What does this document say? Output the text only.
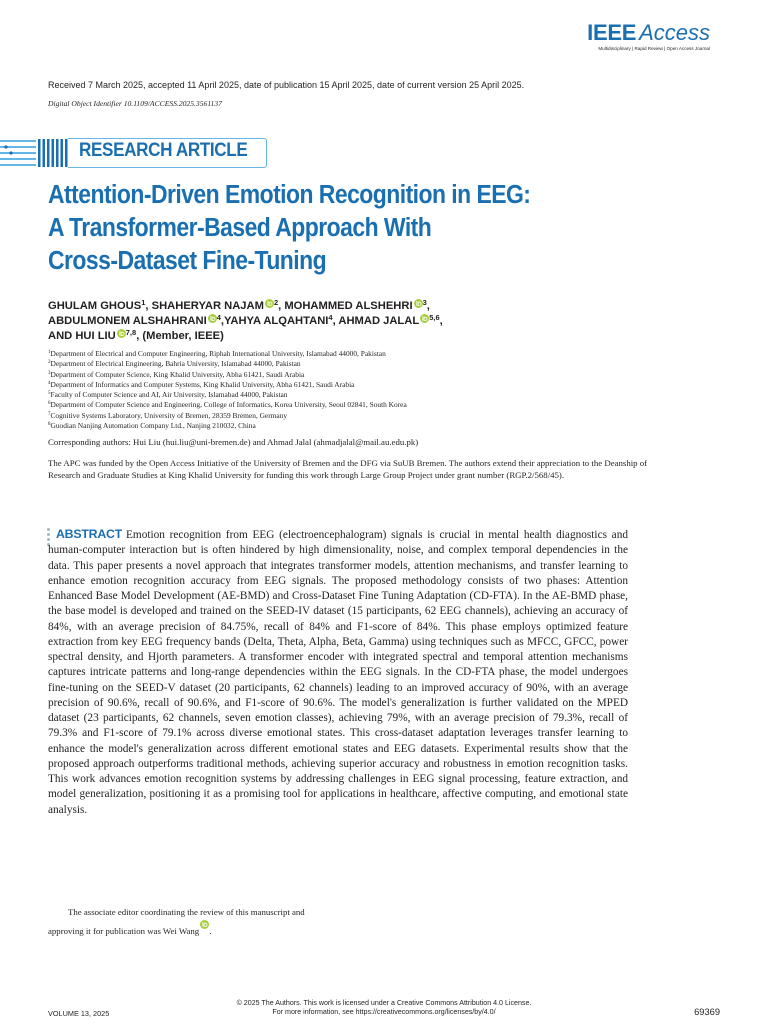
IEEE Access
Multidisciplinary | Rapid Review | Open Access Journal
Received 7 March 2025, accepted 11 April 2025, date of publication 15 April 2025, date of current version 25 April 2025.
Digital Object Identifier 10.1109/ACCESS.2025.3561137
RESEARCH ARTICLE
Attention-Driven Emotion Recognition in EEG:
A Transformer-Based Approach With
Cross-Dataset Fine-Tuning
GHULAM GHOUS$^1$, SHAHERYAR NAJAM $^2$, MOHAMMED ALSHEHRI $^3$,
ABDULMONEM ALSHAHRANI $^4$,YAHYA ALQAHTANI$^4$, AHMAD JALAL $^{5,6}$,
AND HUI LIU $^{7,8}$, (Member, IEEE)
$^1$Department of Electrical and Computer Engineering, Riphah International University, Islamabad 44000, Pakistan
$^2$Department of Electrical Engineering, Bahria University, Islamabad 44000, Pakistan
$^3$Department of Computer Science, King Khalid University, Abha 61421, Saudi Arabia
$^4$Department of Informatics and Computer Systems, King Khalid University, Abha 61421, Saudi Arabia
$^5$Faculty of Computer Science and AI, Air University, Islamabad 44000, Pakistan
$^6$Department of Computer Science and Engineering, College of Informatics, Korea University, Seoul 02841, South Korea
$^7$Cognitive Systems Laboratory, University of Bremen, 28359 Bremen, Germany
$^8$Guodian Nanjing Automation Company Ltd., Nanjing 210032, China
Corresponding authors: Hui Liu (hui.liu@uni-bremen.de) and Ahmad Jalal (ahmadjalal@mail.au.edu.pk)
The APC was funded by the Open Access Initiative of the University of Bremen and the DFG via SuUB Bremen. The authors extend their appreciation to the Deanship of Research and Graduate Studies at King Khalid University for funding this work through Large Group Project under grant number (RGP.2/568/45).
ABSTRACT Emotion recognition from EEG (electroencephalogram) signals is crucial in mental health diagnostics and human-computer interaction but is often hindered by high dimensionality, noise, and complex temporal dependencies in the data. This paper presents a novel approach that integrates transformer models, attention mechanisms, and transfer learning to enhance emotion recognition accuracy from EEG signals. The proposed methodology consists of two phases: Attention Enhanced Base Model Development (AE-BMD) and Cross-Dataset Fine Tuning Adaptation (CD-FTA). In the AE-BMD phase, the base model is developed and trained on the SEED-IV dataset (15 participants, 62 EEG channels), achieving an accuracy of 84%, with an average precision of 84.75%, recall of 84% and F1-score of 84%. This phase employs optimized feature extraction from key EEG frequency bands (Delta, Theta, Alpha, Beta, Gamma) using techniques such as MFCC, GFCC, power spectral density, and Hjorth parameters. A transformer encoder with integrated spectral and temporal attention mechanisms captures intricate patterns and long-range dependencies within the EEG signals. In the CD-FTA phase, the model undergoes fine-tuning on the SEED-V dataset (20 participants, 62 channels) leading to an improved accuracy of 90%, with an average precision of 90.6%, recall of 90.6%, and F1-score of 90.6%. The model's generalization is further validated on the MPED dataset (23 participants, 62 channels, seven emotion classes), achieving 79%, with an average precision of 79.3%, recall of 79.3% and F1-score of 79.1% across diverse emotional states. This cross-dataset adaptation leverages transfer learning to enhance the model's generalization across different emotional states and EEG datasets. Experimental results show that the proposed approach outperforms traditional methods, achieving superior accuracy and robustness in emotion recognition tasks. This work advances emotion recognition systems by addressing challenges in EEG signal processing, feature extraction, and model generalization, positioning it as a promising tool for applications in healthcare, affective computing, and emotional state analysis.
The associate editor coordinating the review of this manuscript and
approving it for publication was Wei Wang .
VOLUME 13, 2025
© 2025 The Authors. This work is licensed under a Creative Commons Attribution 4.0 License.
For more information, see https://creativecommons.org/licenses/by/4.0/	69369
